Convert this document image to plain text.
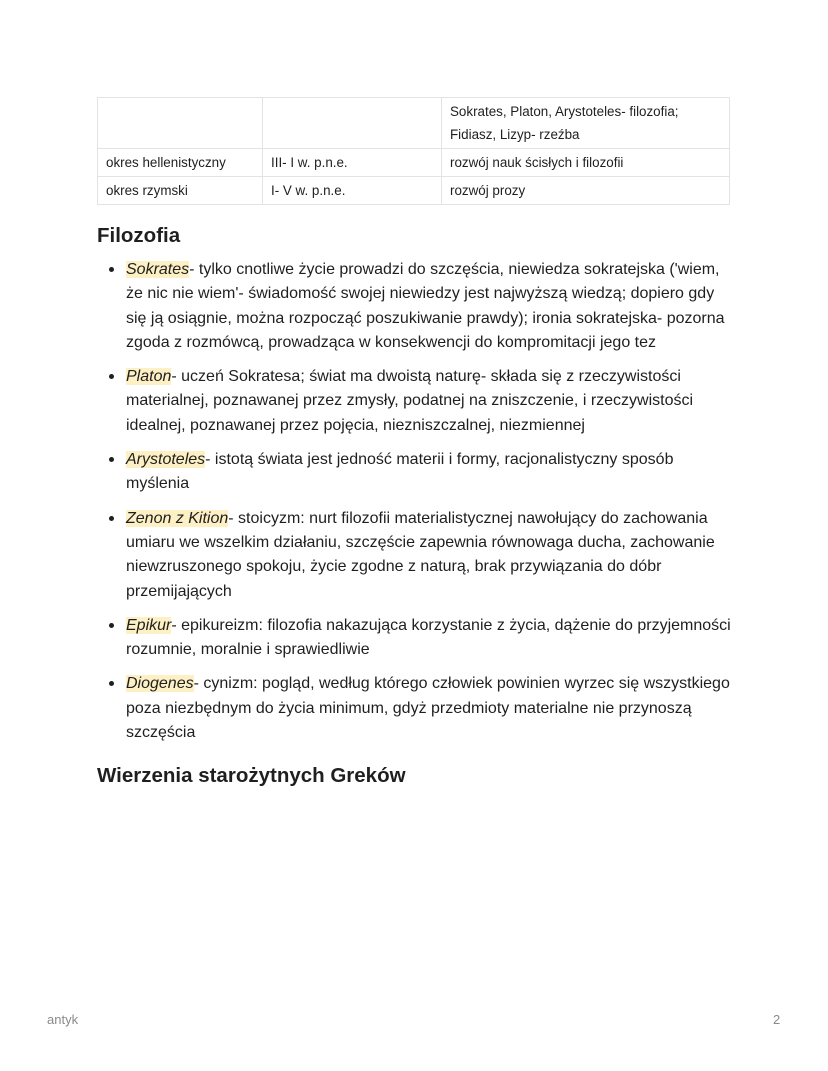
		Sokrates, Platon, Arystoteles- filozofia;
Fidiasz, Lizyp- rzeźba

okres hellenistyczny	III- I w. p.n.e.	rozwój nauk ścisłych i filozofii
okres rzymski	I- V w. p.n.e.	rozwój prozy
Filozofia
Sokrates- tylko cnotliwe życie prowadzi do szczęścia, niewiedza sokratejska ('wiem, że nic nie wiem'- świadomość swojej niewiedzy jest najwyższą wiedzą; dopiero gdy się ją osiągnie, można rozpocząć poszukiwanie prawdy); ironia sokratejska- pozorna zgoda z rozmówcą, prowadząca w konsekwencji do kompromitacji jego tez
Platon- uczeń Sokratesa; świat ma dwoistą naturę- składa się z rzeczywistości materialnej, poznawanej przez zmysły, podatnej na zniszczenie, i rzeczywistości idealnej, poznawanej przez pojęcia, niezniszczalnej, niezmiennej
Arystoteles- istotą świata jest jedność materii i formy, racjonalistyczny sposób myślenia
Zenon z Kition- stoicyzm: nurt filozofii materialistycznej nawołujący do zachowania umiaru we wszelkim działaniu, szczęście zapewnia równowaga ducha, zachowanie niewzruszonego spokoju, życie zgodne z naturą, brak przywiązania do dóbr przemijających
Epikur- epikureizm: filozofia nakazująca korzystanie z życia, dążenie do przyjemności rozumnie, moralnie i sprawiedliwie
Diogenes- cynizm: pogląd, według którego człowiek powinien wyrzec się wszystkiego poza niezbędnym do życia minimum, gdyż przedmioty materialne nie przynoszą szczęścia
Wierzenia starożytnych Greków
antyk	2
